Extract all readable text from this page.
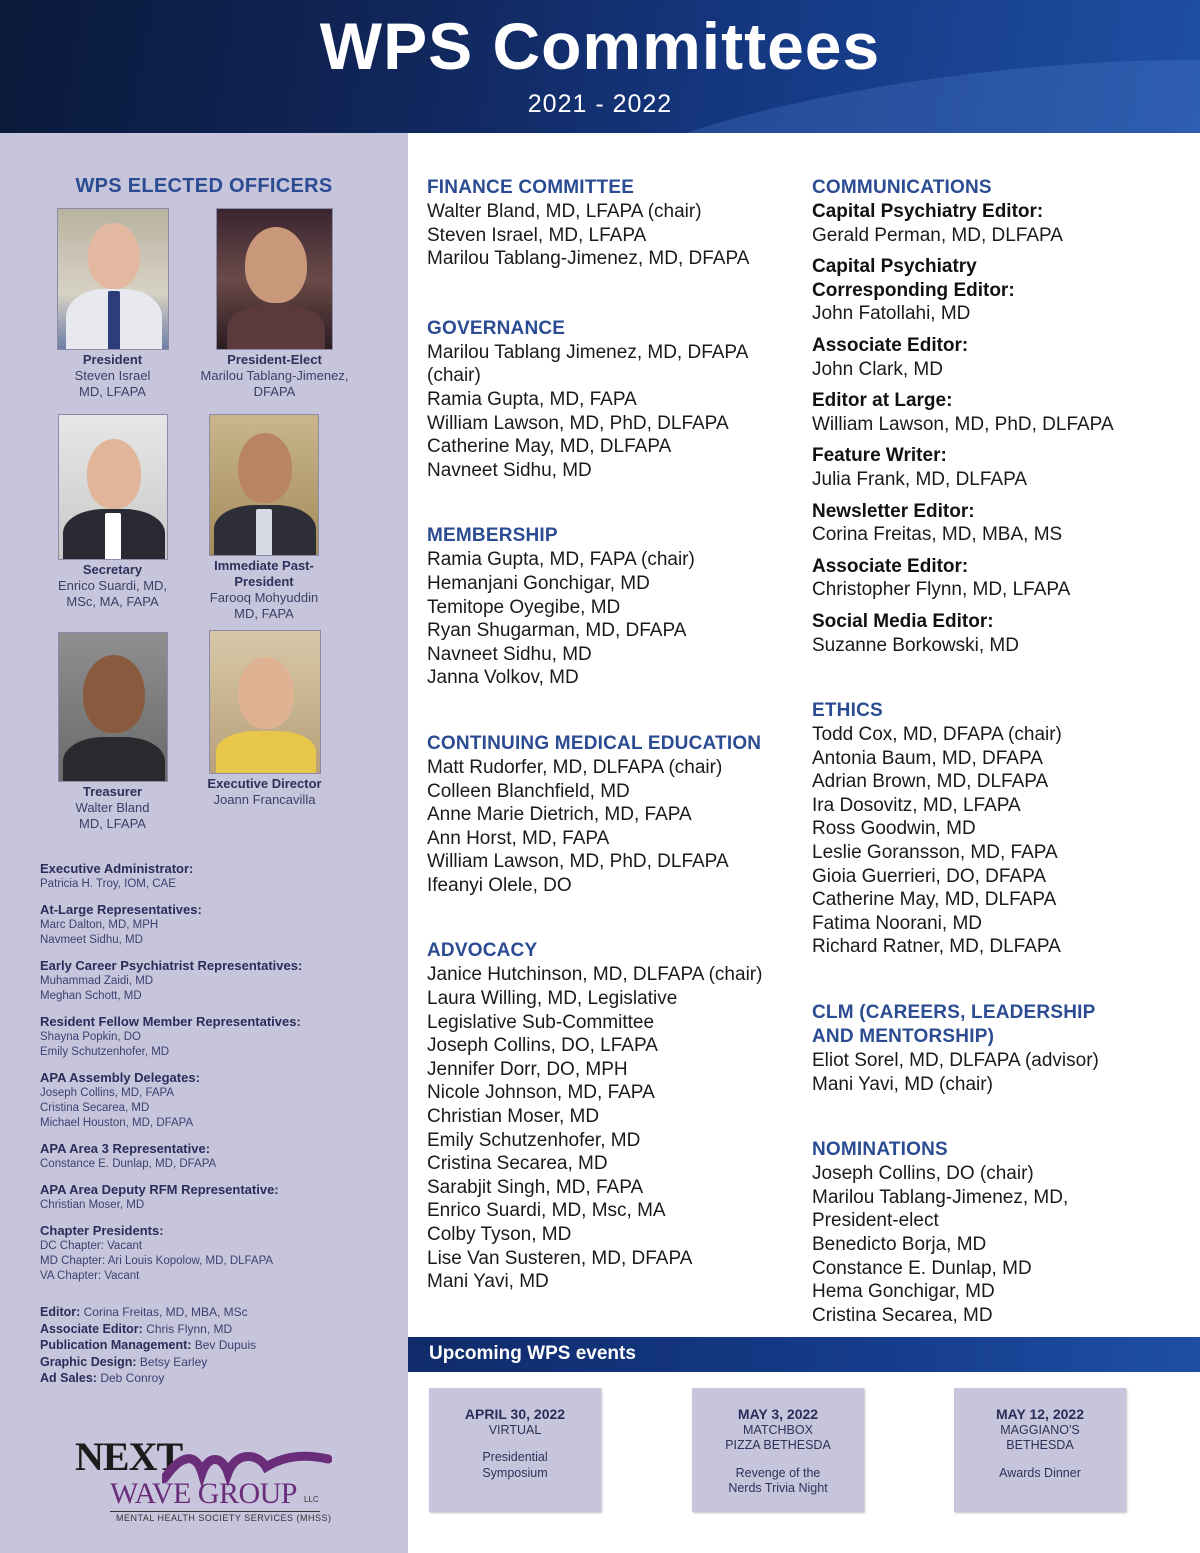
WPS Committees
2021 - 2022
WPS ELECTED OFFICERS
President
Steven Israel
MD, LFAPA
President-Elect
Marilou Tablang-Jimenez,
DFAPA
Secretary
Enrico Suardi, MD,
MSc, MA, FAPA
Immediate Past-
President
Farooq Mohyuddin
MD, FAPA
Treasurer
Walter Bland
MD, LFAPA
Executive Director
Joann Francavilla
Executive Administrator:
Patricia H. Troy, IOM, CAE
At-Large Representatives:
Marc Dalton, MD, MPH
Navmeet Sidhu, MD
Early Career Psychiatrist Representatives:
Muhammad Zaidi, MD
Meghan Schott, MD
Resident Fellow Member Representatives:
Shayna Popkin, DO
Emily Schutzenhofer, MD
APA Assembly Delegates:
Joseph Collins, MD, FAPA
Cristina Secarea, MD
Michael Houston, MD, DFAPA
APA Area 3 Representative:
Constance E. Dunlap, MD, DFAPA
APA Area Deputy RFM Representative:
Christian Moser, MD
Chapter Presidents:
DC Chapter: Vacant
MD Chapter: Ari Louis Kopolow, MD, DLFAPA
VA Chapter: Vacant
Editor: Corina Freitas, MD, MBA, MSc
Associate Editor: Chris Flynn, MD
Publication Management: Bev Dupuis
Graphic Design: Betsy Earley
Ad Sales: Deb Conroy
NEXT
WAVE GROUP LLC
MENTAL HEALTH SOCIETY SERVICES (MHSS)
FINANCE COMMITTEE
Walter Bland, MD, LFAPA (chair)
Steven Israel, MD, LFAPA
Marilou Tablang-Jimenez, MD, DFAPA
GOVERNANCE
Marilou Tablang Jimenez, MD, DFAPA
(chair)
Ramia Gupta, MD, FAPA
William Lawson, MD, PhD, DLFAPA
Catherine May, MD, DLFAPA
Navneet Sidhu, MD
MEMBERSHIP
Ramia Gupta, MD, FAPA (chair)
Hemanjani Gonchigar, MD
Temitope Oyegibe, MD
Ryan Shugarman, MD, DFAPA
Navneet Sidhu, MD
Janna Volkov, MD
CONTINUING MEDICAL EDUCATION
Matt Rudorfer, MD, DLFAPA (chair)
Colleen Blanchfield, MD
Anne Marie Dietrich, MD, FAPA
Ann Horst, MD, FAPA
William Lawson, MD, PhD, DLFAPA
Ifeanyi Olele, DO
ADVOCACY
Janice Hutchinson, MD, DLFAPA (chair)
Laura Willing, MD, Legislative
Legislative Sub-Committee
Joseph Collins, DO, LFAPA
Jennifer Dorr, DO, MPH
Nicole Johnson, MD, FAPA
Christian Moser, MD
Emily Schutzenhofer, MD
Cristina Secarea, MD
Sarabjit Singh, MD, FAPA
Enrico Suardi, MD, Msc, MA
Colby Tyson, MD
Lise Van Susteren, MD, DFAPA
Mani Yavi, MD
COMMUNICATIONS
Capital Psychiatry Editor:
Gerald Perman, MD, DLFAPA
Capital Psychiatry Corresponding Editor:
John Fatollahi, MD
Associate Editor:
John Clark, MD
Editor at Large:
William Lawson, MD, PhD, DLFAPA
Feature Writer:
Julia Frank, MD, DLFAPA
Newsletter Editor:
Corina Freitas, MD, MBA, MS
Associate Editor:
Christopher Flynn, MD, LFAPA
Social Media Editor:
Suzanne Borkowski, MD
ETHICS
Todd Cox, MD, DFAPA (chair)
Antonia Baum, MD, DFAPA
Adrian Brown, MD, DLFAPA
Ira Dosovitz, MD, LFAPA
Ross Goodwin, MD
Leslie Goransson, MD, FAPA
Gioia Guerrieri, DO, DFAPA
Catherine May, MD, DLFAPA
Fatima Noorani, MD
Richard Ratner, MD, DLFAPA
CLM (CAREERS, LEADERSHIP AND MENTORSHIP)
Eliot Sorel, MD, DLFAPA (advisor)
Mani Yavi, MD (chair)
NOMINATIONS
Joseph Collins, DO (chair)
Marilou Tablang-Jimenez, MD,
President-elect
Benedicto Borja, MD
Constance E. Dunlap, MD
Hema Gonchigar, MD
Cristina Secarea, MD
Upcoming WPS events
APRIL 30, 2022
VIRTUAL
Presidential
Symposium
MAY 3, 2022
MATCHBOX
PIZZA BETHESDA
Revenge of the
Nerds Trivia Night
MAY 12, 2022
MAGGIANO'S
BETHESDA
Awards Dinner
